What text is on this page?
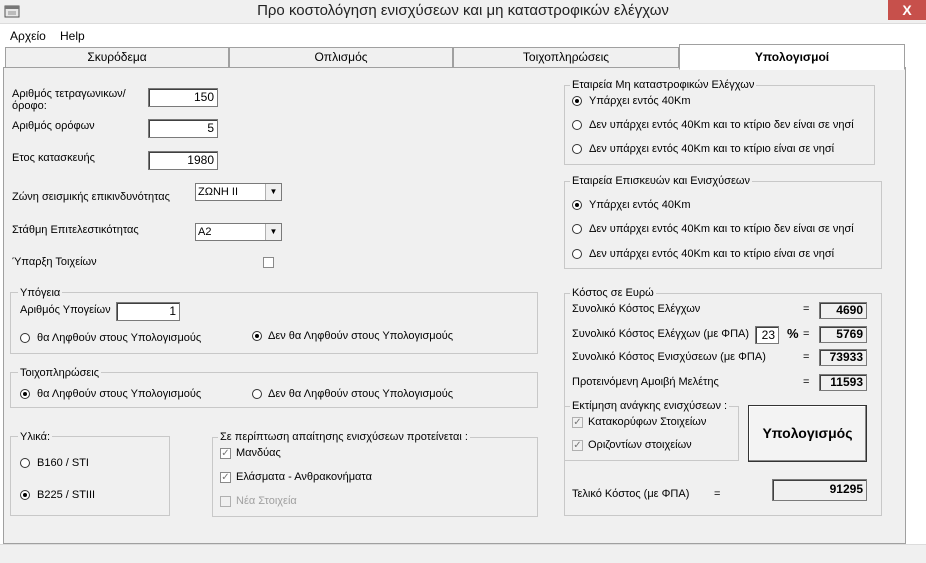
Προ κοστολόγηση ενισχύσεων και μη καταστροφικών ελέγχων	X
Αρχείο Help
Σκυρόδεμα	Οπλισμός	Τοιχοπληρώσεις	Υπολογισμοί
Αριθμός τετραγωνικων/όροφο:
150
Αριθμός ορόφων	5
Ετος κατασκευής	1980
Ζώνη σεισμικής επικινδυνότητας	ΖΩΝΗ ΙΙ	▼
Στάθμη Επιτελεστικότητας	Α2	▼
Ύπαρξη Τοιχείων
Υπόγεια
Αριθμός Υπογείων	1
θα Ληφθούν στους Υπολογισμούς	Δεν θα Ληφθούν στους Υπολογισμούς
Τοιχοπληρώσεις
θα Ληφθούν στους Υπολογισμούς	Δεν θα Ληφθούν στους Υπολογισμούς
Υλικά:
B160 / STI
B225 / STIII
Σε περίπτωση απαίτησης ενισχύσεων προτείνεται :
✓ Μανδύας
✓ Ελάσματα - Ανθρακονήματα
Νέα Στοιχεία
Εταιρεία Μη καταστροφικών Ελέγχων
Υπάρχει εντός 40Km
Δεν υπάρχει εντός 40Km και το κτίριο δεν είναι σε νησί
Δεν υπάρχει εντός 40Km και το κτίριο είναι σε νησί
Εταιρεία Επισκευών και Ενισχύσεων
Υπάρχει εντός 40Km
Δεν υπάρχει εντός 40Km και το κτίριο δεν είναι σε νησί
Δεν υπάρχει εντός 40Km και το κτίριο είναι σε νησί
Κόστος σε Ευρώ
Συνολικό Κόστος Ελέγχων	=	4690
Συνολικό Κόστος Ελέγχων (με ΦΠΑ)	23 % =	5769
Συνολικό Κόστος Ενισχύσεων (με ΦΠΑ)	=	73933
Προτεινόμενη Αμοιβή Μελέτης	=	11593
Εκτίμηση ανάγκης ενισχύσεων :
✓ Κατακορύφων Στοιχείων
✓ Οριζοντίων στοιχείων
Υπολογισμός
Τελικό Κόστος (με ΦΠΑ) =	91295
